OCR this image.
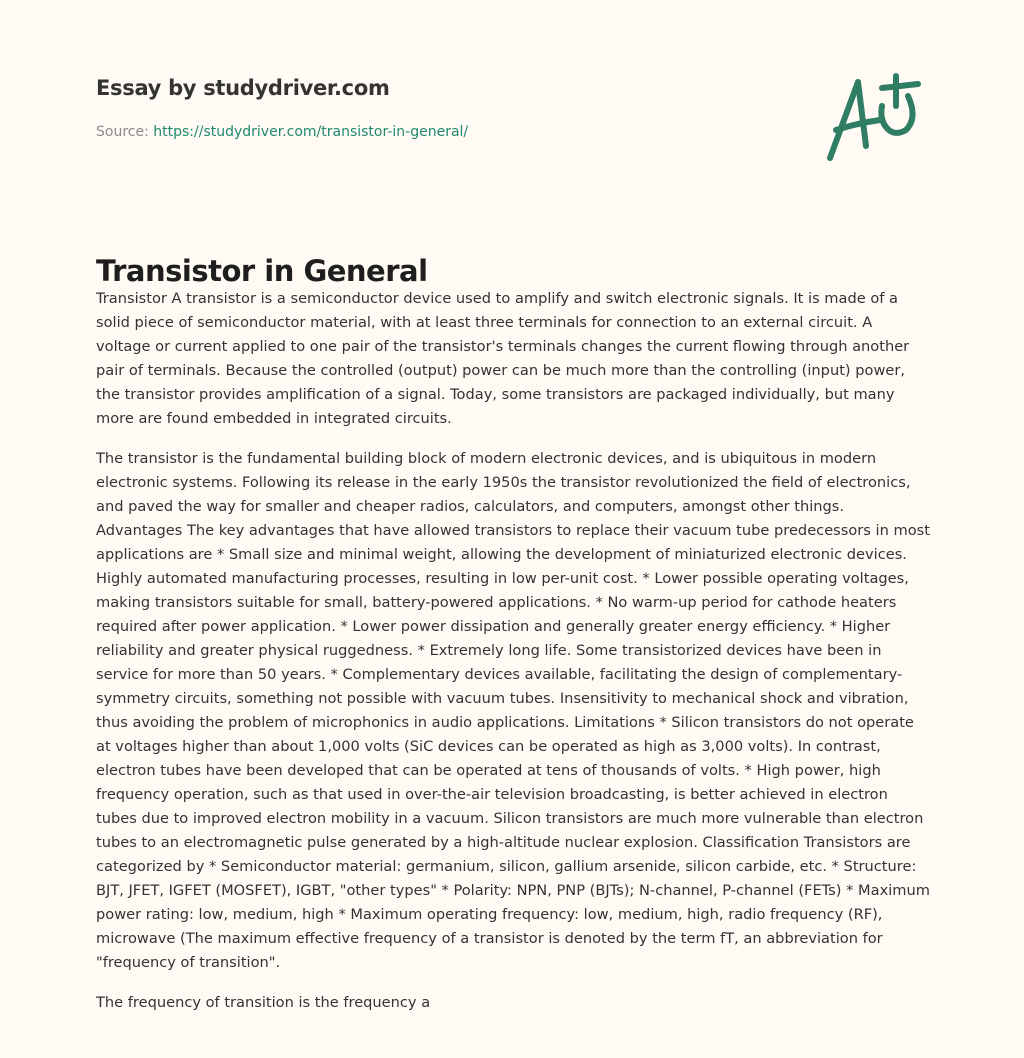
Essay by studydriver.com
Source: https://studydriver.com/transistor-in-general/
Transistor in General

Transistor A transistor is a semiconductor device used to amplify and switch electronic signals. It is made of a solid piece of semiconductor material, with at least three terminals for connection to an external circuit. A voltage or current applied to one pair of the transistor's terminals changes the current flowing through another pair of terminals. Because the controlled (output) power can be much more than the controlling (input) power, the transistor provides amplification of a signal. Today, some transistors are packaged individually, but many more are found embedded in integrated circuits.

The transistor is the fundamental building block of modern electronic devices, and is ubiquitous in modern electronic systems. Following its release in the early 1950s the transistor revolutionized the field of electronics, and paved the way for smaller and cheaper radios, calculators, and computers, amongst other things. Advantages The key advantages that have allowed transistors to replace their vacuum tube predecessors in most applications are * Small size and minimal weight, allowing the development of miniaturized electronic devices. Highly automated manufacturing processes, resulting in low per-unit cost. * Lower possible operating voltages, making transistors suitable for small, battery-powered applications. * No warm-up period for cathode heaters required after power application. * Lower power dissipation and generally greater energy efficiency. * Higher reliability and greater physical ruggedness. * Extremely long life. Some transistorized devices have been in service for more than 50 years. * Complementary devices available, facilitating the design of complementary-symmetry circuits, something not possible with vacuum tubes. Insensitivity to mechanical shock and vibration, thus avoiding the problem of microphonics in audio applications. Limitations * Silicon transistors do not operate at voltages higher than about 1,000 volts (SiC devices can be operated as high as 3,000 volts). In contrast, electron tubes have been developed that can be operated at tens of thousands of volts. * High power, high frequency operation, such as that used in over-the-air television broadcasting, is better achieved in electron tubes due to improved electron mobility in a vacuum. Silicon transistors are much more vulnerable than electron tubes to an electromagnetic pulse generated by a high-altitude nuclear explosion. Classification Transistors are categorized by * Semiconductor material: germanium, silicon, gallium arsenide, silicon carbide, etc. * Structure: BJT, JFET, IGFET (MOSFET), IGBT, "other types" * Polarity: NPN, PNP (BJTs); N-channel, P-channel (FETs) * Maximum power rating: low, medium, high * Maximum operating frequency: low, medium, high, radio frequency (RF), microwave (The maximum effective frequency of a transistor is denoted by the term fT, an abbreviation for "frequency of transition".

The frequency of transition is the frequency a
